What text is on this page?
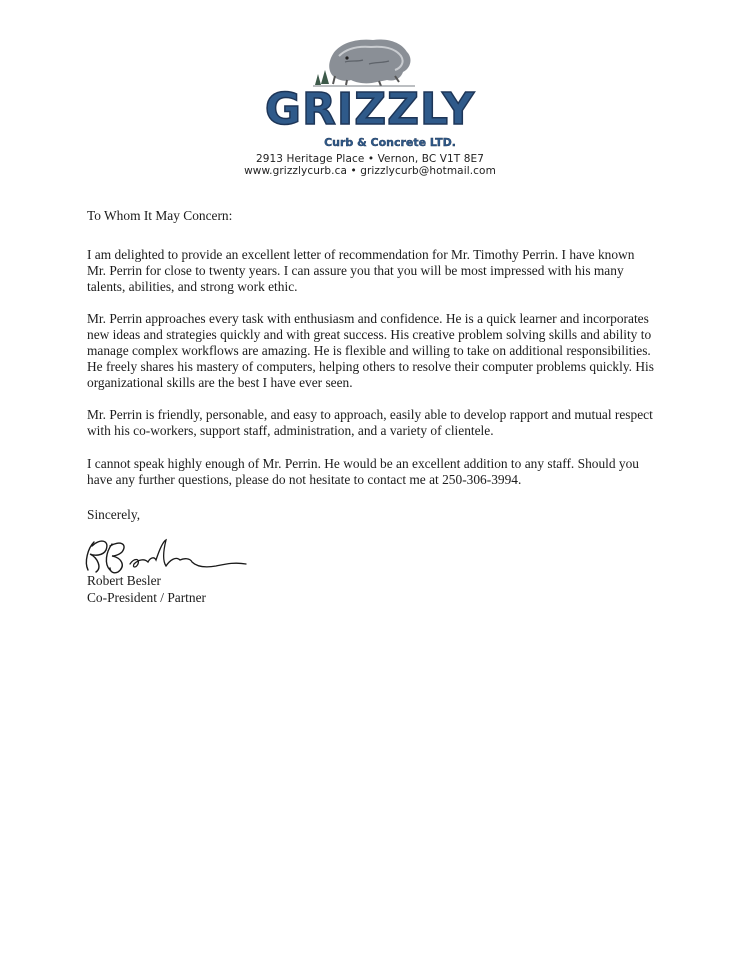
GRIZZLY
Curb & Concrete LTD.
2913 Heritage Place • Vernon, BC V1T 8E7
www.grizzlycurb.ca • grizzlycurb@hotmail.com

To Whom It May Concern:

I am delighted to provide an excellent letter of recommendation for Mr. Timothy Perrin. I have known Mr. Perrin for close to twenty years. I can assure you that you will be most impressed with his many talents, abilities, and strong work ethic.

Mr. Perrin approaches every task with enthusiasm and confidence. He is a quick learner and incorporates new ideas and strategies quickly and with great success. His creative problem solving skills and ability to manage complex workflows are amazing. He is flexible and willing to take on additional responsibilities. He freely shares his mastery of computers, helping others to resolve their computer problems quickly. His organizational skills are the best I have ever seen.

Mr. Perrin is friendly, personable, and easy to approach, easily able to develop rapport and mutual respect with his co-workers, support staff, administration, and a variety of clientele.

I cannot speak highly enough of Mr. Perrin. He would be an excellent addition to any staff. Should you have any further questions, please do not hesitate to contact me at 250-306-3994.

Sincerely,

Robert Besler

Co-President / Partner
